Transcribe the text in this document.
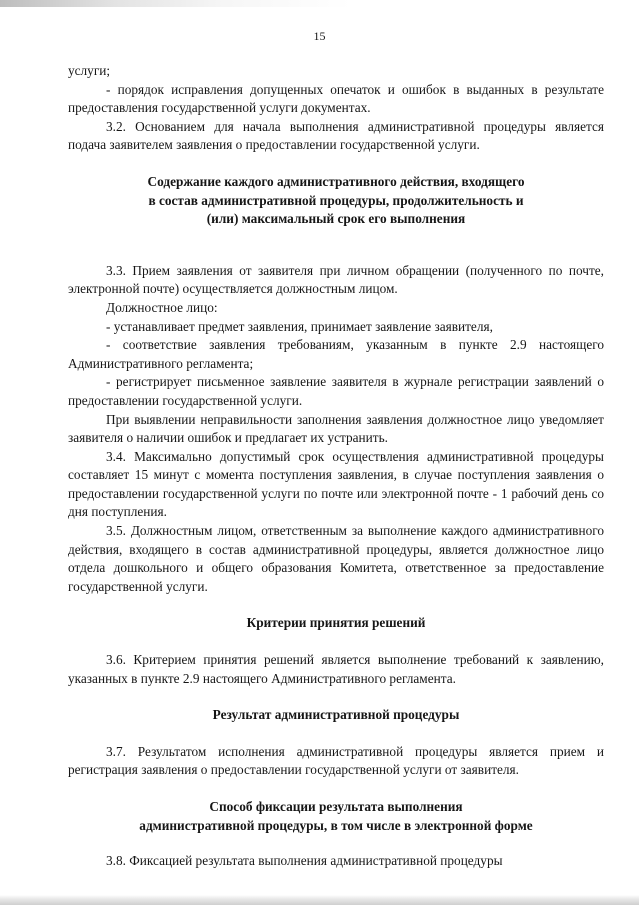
15

услуги;

- порядок исправления допущенных опечаток и ошибок в выданных в результате предоставления государственной услуги документах.

3.2. Основанием для начала выполнения административной процедуры является подача заявителем заявления о предоставлении государственной услуги.

Содержание каждого административного действия, входящего
в состав административной процедуры, продолжительность и
(или) максимальный срок его выполнения

3.3. Прием заявления от заявителя при личном обращении (полученного по почте, электронной почте) осуществляется должностным лицом.

Должностное лицо:

- устанавливает предмет заявления, принимает заявление заявителя,

- соответствие заявления требованиям, указанным в пункте 2.9 настоящего Административного регламента;

- регистрирует письменное заявление заявителя в журнале регистрации заявлений о предоставлении государственной услуги.

При выявлении неправильности заполнения заявления должностное лицо уведомляет заявителя о наличии ошибок и предлагает их устранить.

3.4. Максимально допустимый срок осуществления административной процедуры составляет 15 минут с момента поступления заявления, в случае поступления заявления о предоставлении государственной услуги по почте или электронной почте - 1 рабочий день со дня поступления.

3.5. Должностным лицом, ответственным за выполнение каждого административного действия, входящего в состав административной процедуры, является должностное лицо отдела дошкольного и общего образования Комитета, ответственное за предоставление государственной услуги.

Критерии принятия решений

3.6. Критерием принятия решений является выполнение требований к заявлению, указанных в пункте 2.9 настоящего Административного регламента.

Результат административной процедуры

3.7. Результатом исполнения административной процедуры является прием и регистрация заявления о предоставлении государственной услуги от заявителя.

Способ фиксации результата выполнения
административной процедуры, в том числе в электронной форме

3.8. Фиксацией результата выполнения административной процедуры
